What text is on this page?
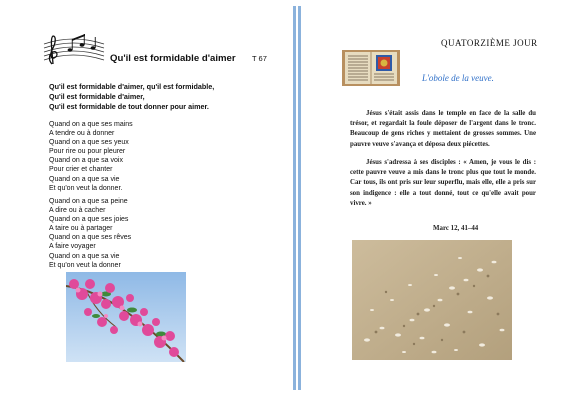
Qu'il est formidable d'aimer T 67
Qu'il est formidable d'aimer, qu'il est formidable,
Qu'il est formidable d'aimer,
Qu'il est formidable de tout donner pour aimer.
Quand on a que ses mains
A tendre ou à donner
Quand on a que ses yeux
Pour rire ou pour pleurer
Quand on a que sa voix
Pour crier et chanter
Quand on a que sa vie
Et qu'on veut la donner.
Quand on a que sa peine
A dire ou à cacher
Quand on a que ses joies
A taire ou à partager
Quand on a que ses rêves
A faire voyager
Quand on a que sa vie
Et qu'on veut la donner
QUATORZIÈME JOUR
L'obole de la veuve.
Jésus s'était assis dans le temple en face de la salle du trésor, et regardait la foule déposer de l'argent dans le tronc. Beaucoup de gens riches y mettaient de grosses sommes. Une pauvre veuve s'avança et déposa deux piécettes.
Jésus s'adressa à ses disciples : « Amen, je vous le dis : cette pauvre veuve a mis dans le tronc plus que tout le monde. Car tous, ils ont pris sur leur superflu, mais elle, elle a pris sur son indigence : elle a tout donné, tout ce qu'elle avait pour vivre. »
Marc 12, 41–44
